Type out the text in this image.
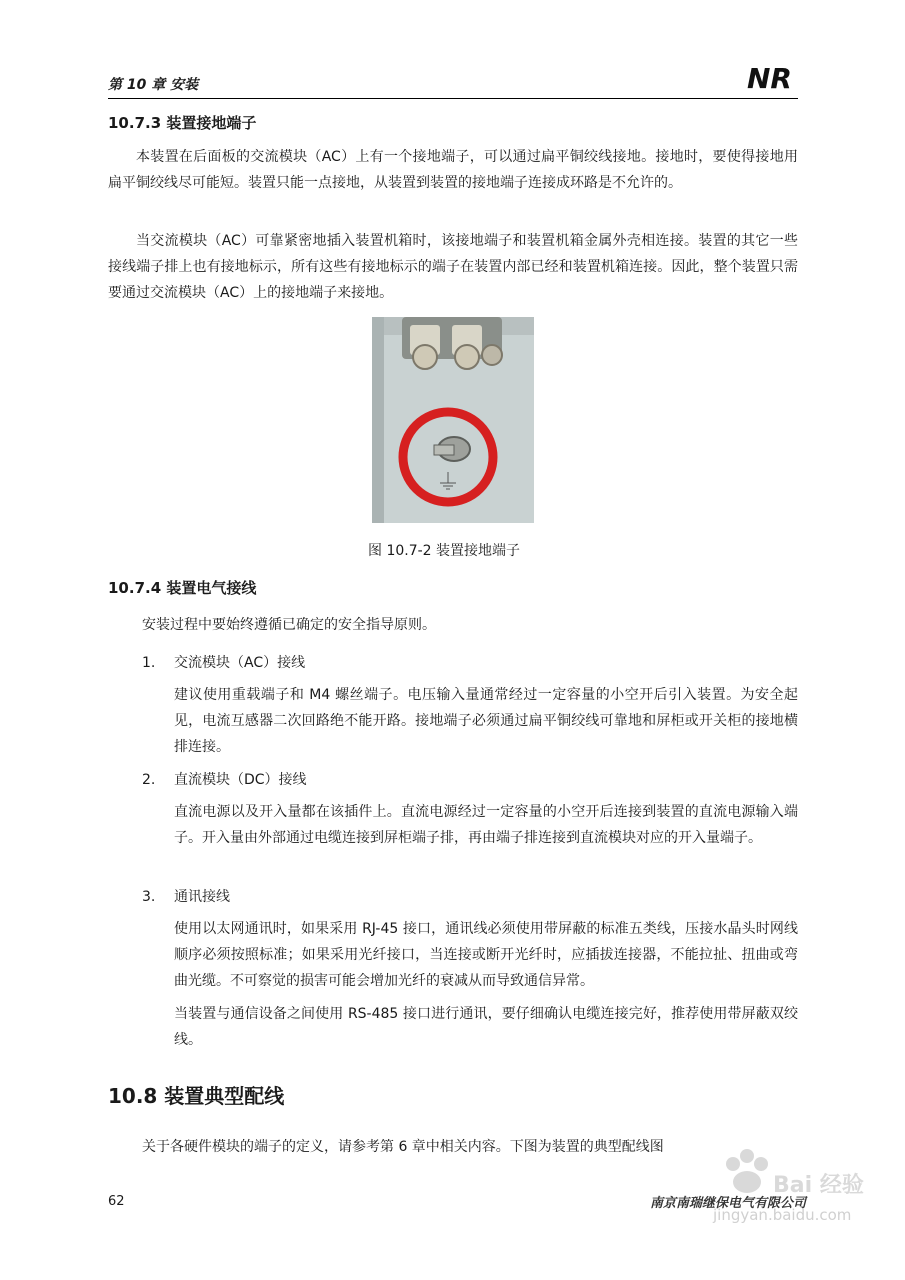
第 10 章 安装	NR
10.7.3 装置接地端子

本装置在后面板的交流模块（AC）上有一个接地端子，可以通过扁平铜绞线接地。接地时，要使得接地用扁平铜绞线尽可能短。装置只能一点接地，从装置到装置的接地端子连接成环路是不允许的。

当交流模块（AC）可靠紧密地插入装置机箱时，该接地端子和装置机箱金属外壳相连接。装置的其它一些接线端子排上也有接地标示，所有这些有接地标示的端子在装置内部已经和装置机箱连接。因此，整个装置只需要通过交流模块（AC）上的接地端子来接地。

图 10.7-2 装置接地端子
10.7.4 装置电气接线
安装过程中要始终遵循已确定的安全指导原则。
1. 交流模块（AC）接线
建议使用重载端子和 M4 螺丝端子。电压输入量通常经过一定容量的小空开后引入装置。为安全起见，电流互感器二次回路绝不能开路。接地端子必须通过扁平铜绞线可靠地和屏柜或开关柜的接地横排连接。
2. 直流模块（DC）接线
直流电源以及开入量都在该插件上。直流电源经过一定容量的小空开后连接到装置的直流电源输入端子。开入量由外部通过电缆连接到屏柜端子排，再由端子排连接到直流模块对应的开入量端子。
3. 通讯接线
使用以太网通讯时，如果采用 RJ-45 接口，通讯线必须使用带屏蔽的标准五类线，压接水晶头时网线顺序必须按照标准；如果采用光纤接口，当连接或断开光纤时，应插拔连接器，不能拉扯、扭曲或弯曲光缆。不可察觉的损害可能会增加光纤的衰减从而导致通信异常。
当装置与通信设备之间使用 RS-485 接口进行通讯，要仔细确认电缆连接完好，推荐使用带屏蔽双绞线。
10.8 装置典型配线
关于各硬件模块的端子的定义，请参考第 6 章中相关内容。下图为装置的典型配线图
62	南京南瑞继保电气有限公司
Bai 经验
jingyan.baidu.com
